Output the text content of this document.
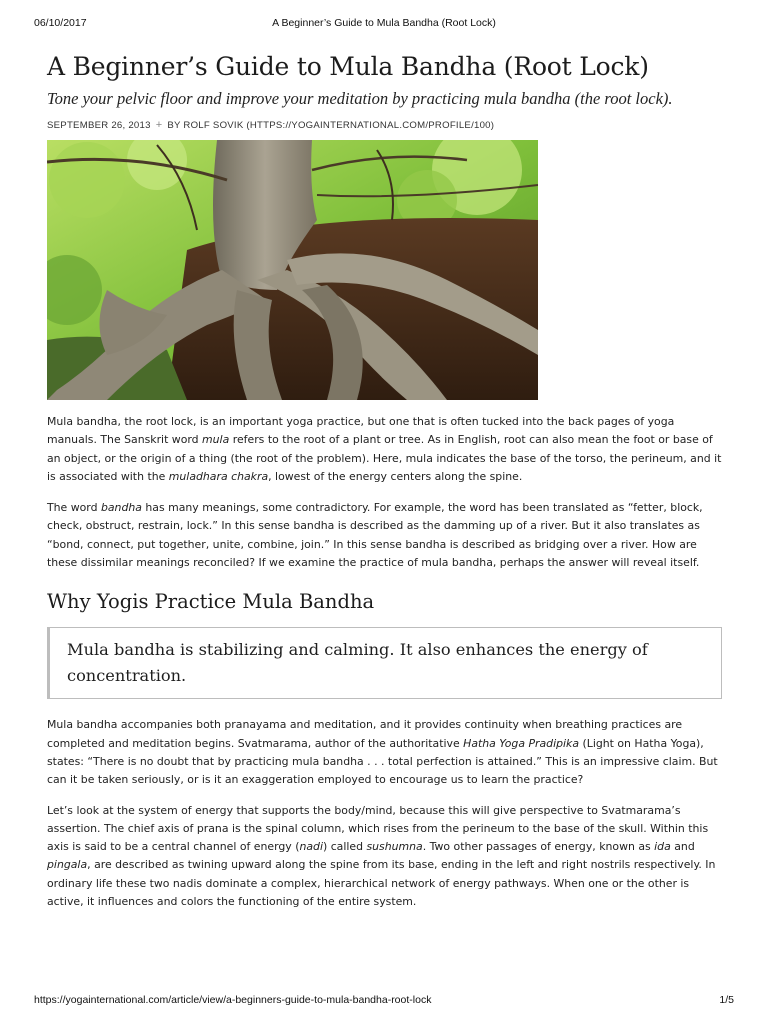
06/10/2017	A Beginner’s Guide to Mula Bandha (Root Lock)
A Beginner’s Guide to Mula Bandha (Root Lock)
Tone your pelvic floor and improve your meditation by practicing mula bandha (the root lock).
SEPTEMBER 26, 2013 + BY ROLF SOVIK (HTTPS://YOGAINTERNATIONAL.COM/PROFILE/100)

Mula bandha, the root lock, is an important yoga practice, but one that is often tucked into the back pages of yoga manuals. The Sanskrit word mula refers to the root of a plant or tree. As in English, root can also mean the foot or base of an object, or the origin of a thing (the root of the problem). Here, mula indicates the base of the torso, the perineum, and it is associated with the muladhara chakra, lowest of the energy centers along the spine.

The word bandha has many meanings, some contradictory. For example, the word has been translated as “fetter, block, check, obstruct, restrain, lock.” In this sense bandha is described as the damming up of a river. But it also translates as “bond, connect, put together, unite, combine, join.” In this sense bandha is described as bridging over a river. How are these dissimilar meanings reconciled? If we examine the practice of mula bandha, perhaps the answer will reveal itself.

Why Yogis Practice Mula Bandha
Mula bandha is stabilizing and calming. It also enhances the energy of concentration.

Mula bandha accompanies both pranayama and meditation, and it provides continuity when breathing practices are completed and meditation begins. Svatmarama, author of the authoritative Hatha Yoga Pradipika (Light on Hatha Yoga), states: “There is no doubt that by practicing mula bandha . . . total perfection is attained.” This is an impressive claim. But can it be taken seriously, or is it an exaggeration employed to encourage us to learn the practice?

Let’s look at the system of energy that supports the body/mind, because this will give perspective to Svatmarama’s assertion. The chief axis of prana is the spinal column, which rises from the perineum to the base of the skull. Within this axis is said to be a central channel of energy (nadi) called sushumna. Two other passages of energy, known as ida and pingala, are described as twining upward along the spine from its base, ending in the left and right nostrils respectively. In ordinary life these two nadis dominate a complex, hierarchical network of energy pathways. When one or the other is active, it influences and colors the functioning of the entire system.

https://yogainternational.com/article/view/a-beginners-guide-to-mula-bandha-root-lock	1/5
